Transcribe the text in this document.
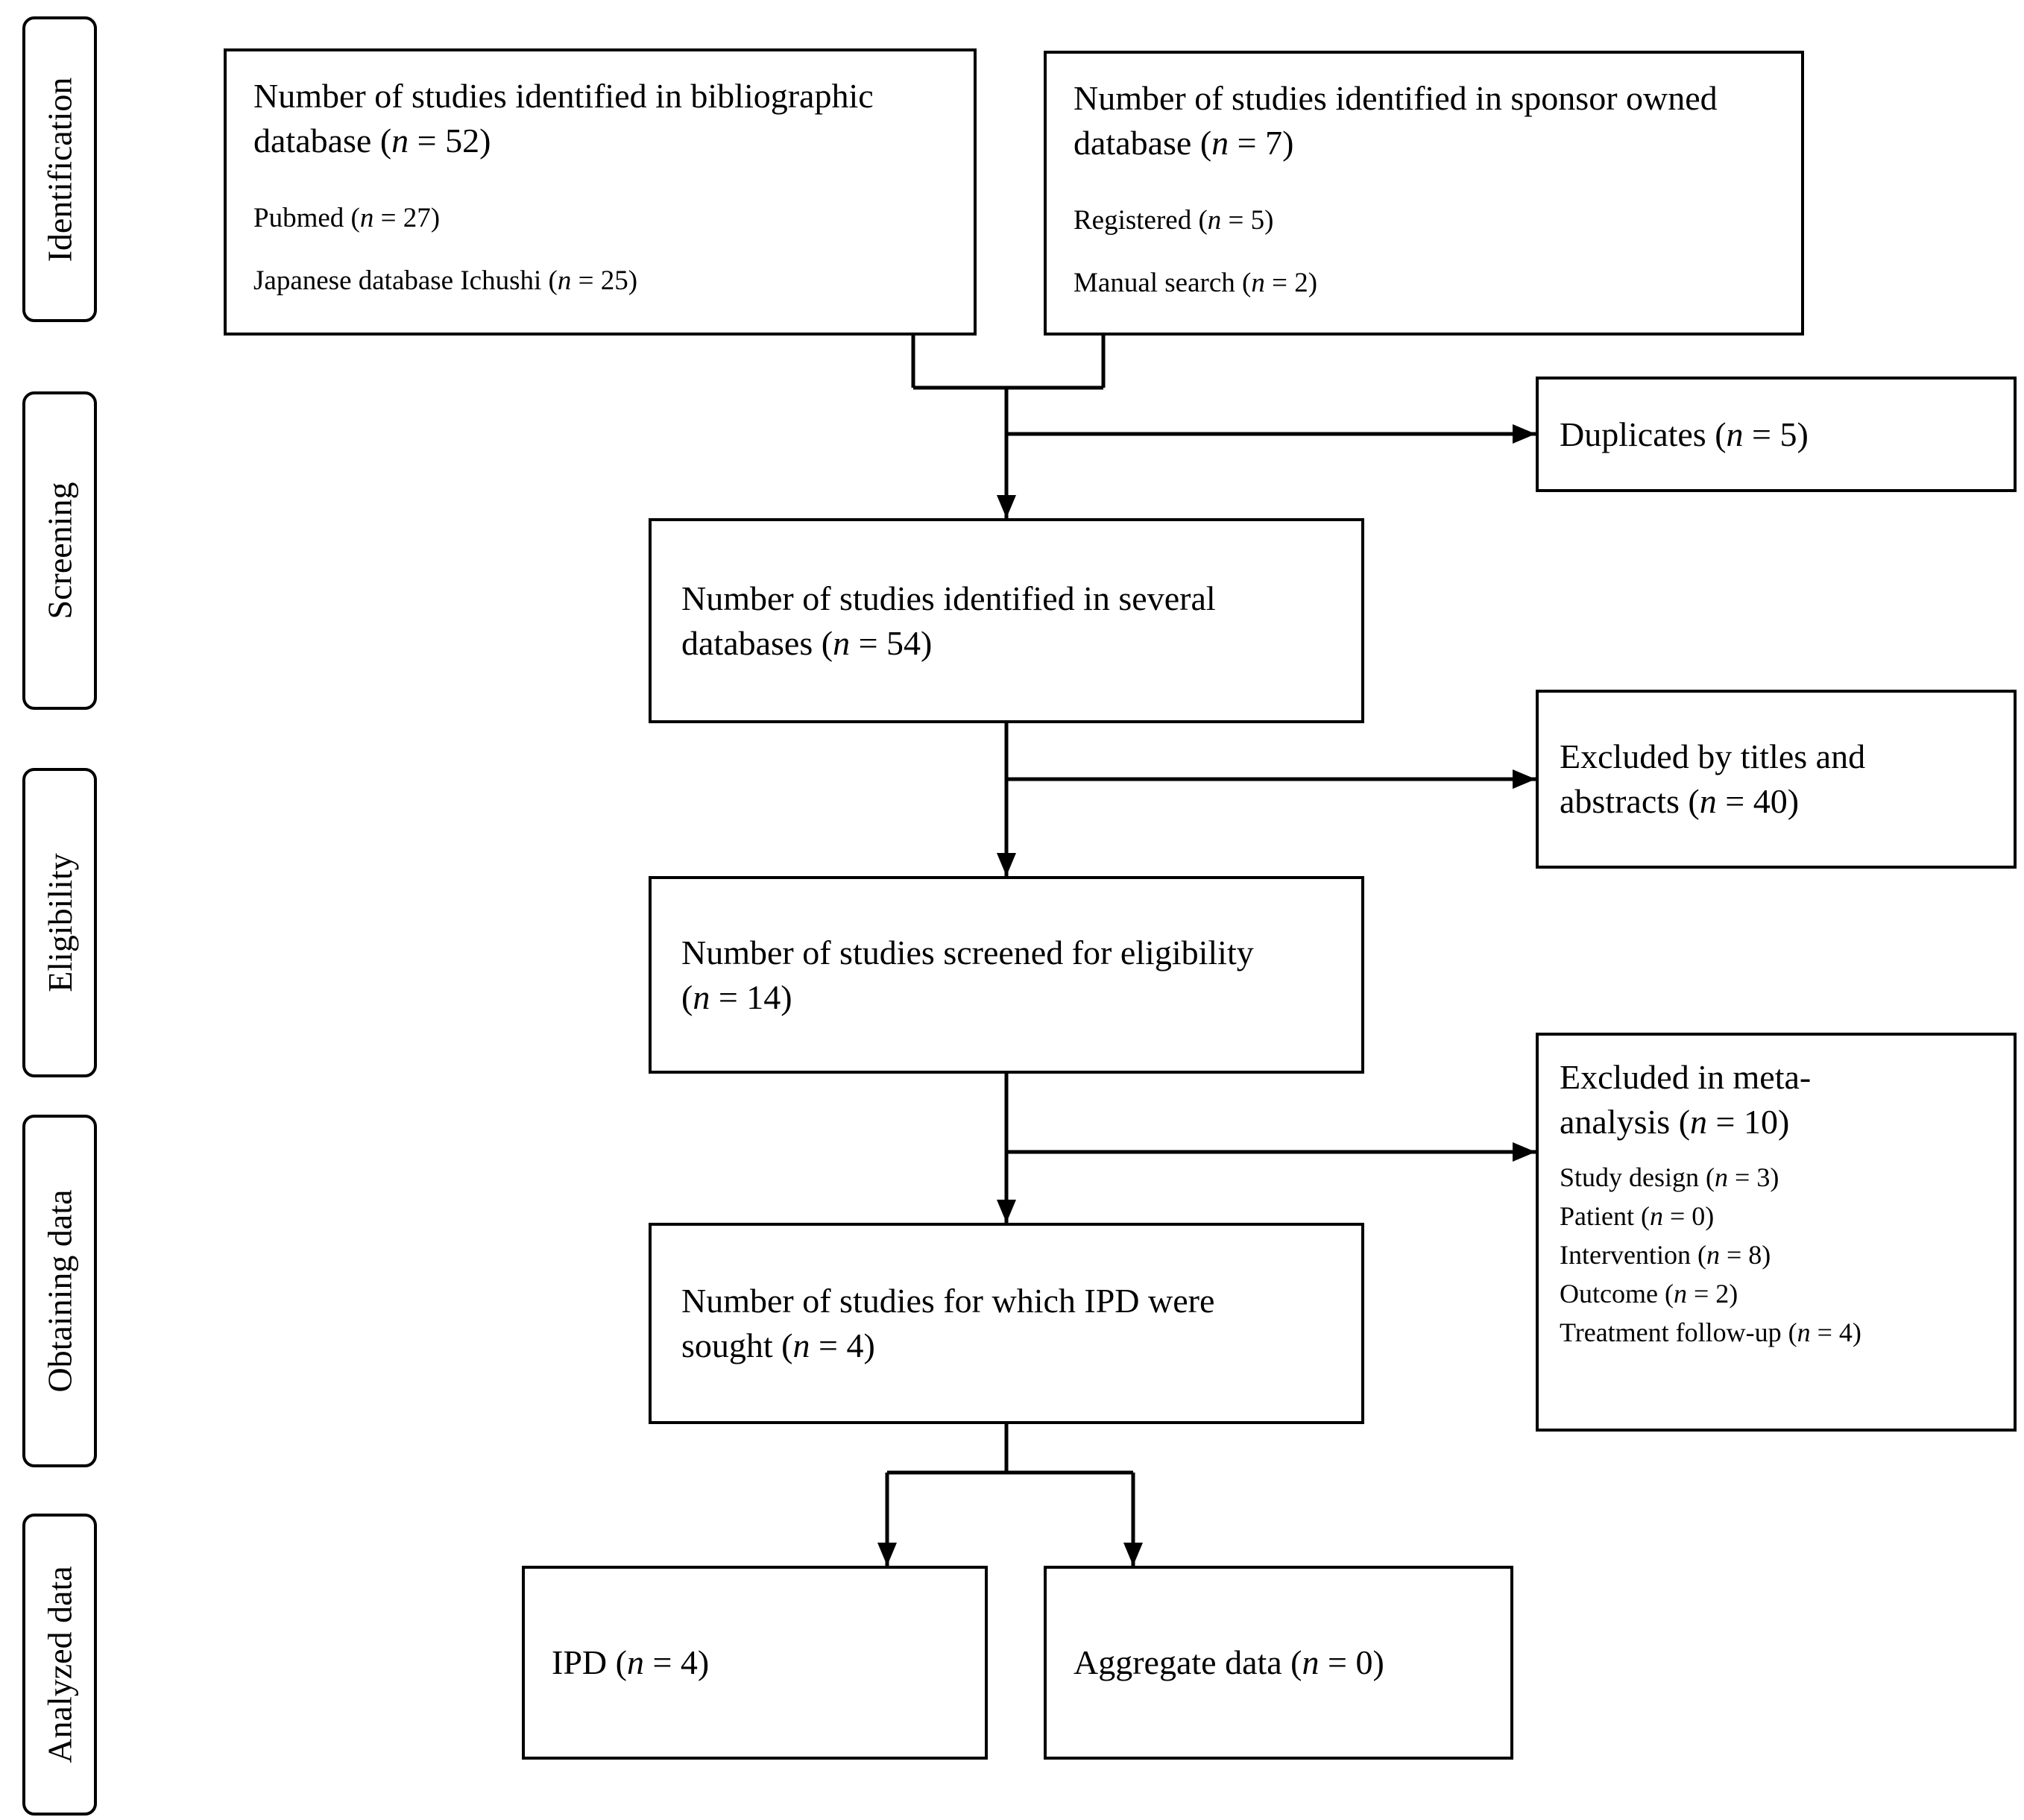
Identification
Screening
Eligibility
Obtaining data
Analyzed data
Number of studies identified in bibliographic database (n = 52)
Pubmed (n = 27)
Japanese database Ichushi (n = 25)
Number of studies identified in sponsor owned database (n = 7)
Registered (n = 5)
Manual search (n = 2)
Duplicates (n = 5)
Number of studies identified in several databases (n = 54)
Excluded by titles and abstracts (n = 40)
Number of studies screened for eligibility (n = 14)
Excluded in meta-analysis (n = 10)
Study design (n = 3)
Patient (n = 0)
Intervention (n = 8)
Outcome (n = 2)
Treatment follow-up (n = 4)
Number of studies for which IPD were sought (n = 4)
IPD (n = 4)	Aggregate data (n = 0)
